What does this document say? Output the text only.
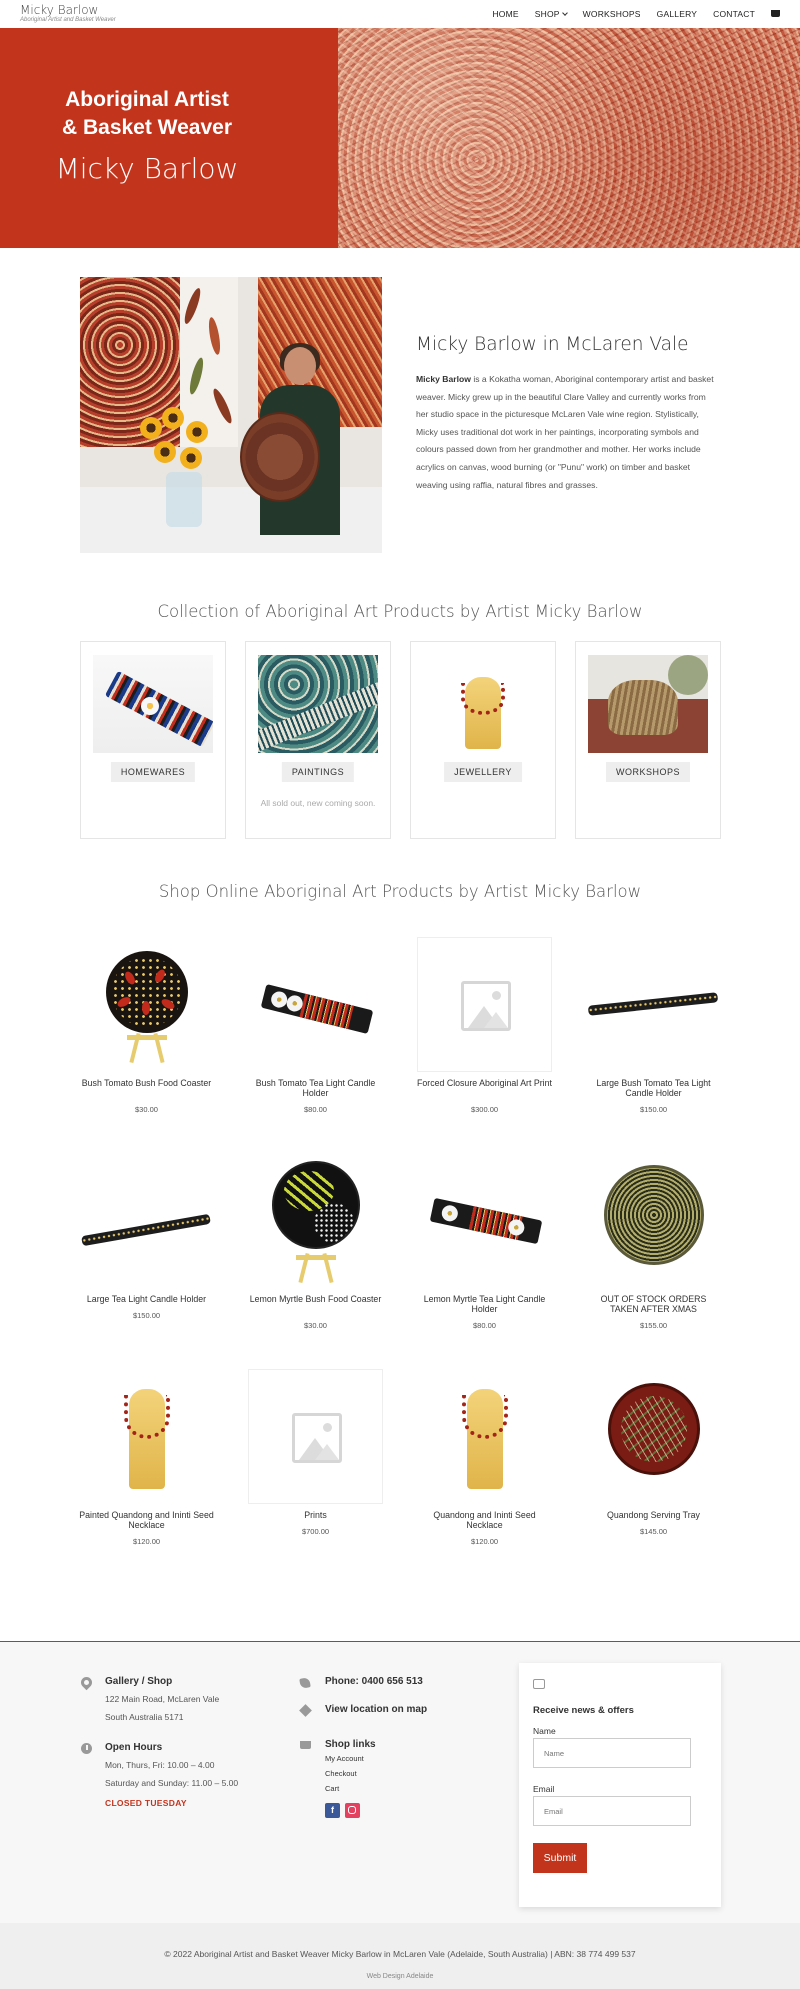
Micky Barlow
Aboriginal Artist and Basket Weaver
HOME SHOP	WORKSHOPS GALLERY CONTACT
Aboriginal Artist
& Basket Weaver
Micky Barlow
Micky Barlow in McLaren Vale
Micky Barlow is a Kokatha woman, Aboriginal contemporary artist and basket weaver. Micky grew up in the beautiful Clare Valley and currently works from her studio space in the picturesque McLaren Vale wine region. Stylistically, Micky uses traditional dot work in her paintings, incorporating symbols and colours passed down from her grandmother and mother. Her works include acrylics on canvas, wood burning (or "Punu" work) on timber and basket weaving using raffia, natural fibres and grasses.
Collection of Aboriginal Art Products by Artist Micky Barlow
HOMEWARES	PAINTINGS
All sold out, new coming soon.
JEWELLERY	WORKSHOPS
Shop Online Aboriginal Art Products by Artist Micky Barlow
Bush Tomato Bush Food Coaster
$30.00
Bush Tomato Tea Light Candle Holder
$80.00
Forced Closure Aboriginal Art Print
$300.00
Large Bush Tomato Tea Light Candle Holder
$150.00
Large Tea Light Candle Holder
$150.00
Lemon Myrtle Bush Food Coaster
$30.00
Lemon Myrtle Tea Light Candle Holder
$80.00
OUT OF STOCK ORDERS TAKEN AFTER XMAS
$155.00
Painted Quandong and Ininti Seed Necklace
$120.00
Prints
$700.00
Quandong and Ininti Seed Necklace
$120.00
Quandong Serving Tray
$145.00
Gallery / Shop
122 Main Road, McLaren Vale
South Australia 5171
Open Hours
Mon, Thurs, Fri: 10.00 – 4.00
Saturday and Sunday: 11.00 – 5.00
CLOSED TUESDAY
Phone: 0400 656 513
View location on map
Shop links
My Account
Checkout
Cart
f
Receive news & offers
Name
Name
Email
Email
Submit
© 2022 Aboriginal Artist and Basket Weaver Micky Barlow in McLaren Vale (Adelaide, South Australia) | ABN: 38 774 499 537
Web Design Adelaide
